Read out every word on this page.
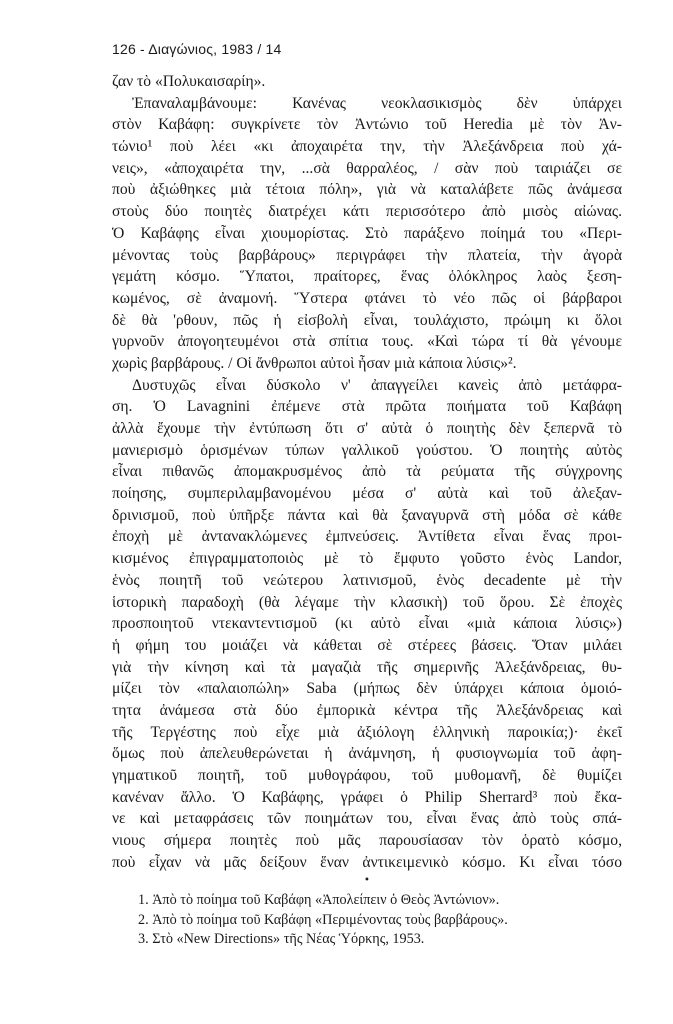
126 - Διαγώνιος, 1983 / 14
ζαν τὸ «Πολυκαισαρίη».
Ἐπαναλαμβάνουμε: Κανένας νεοκλασικισμὸς δὲν ὑπάρχει
στὸν Καβάφη: συγκρίνετε τὸν Ἀντώνιο τοῦ Heredia μὲ τὸν Ἀν-
τώνιο¹ ποὺ λέει «κι ἀποχαιρέτα την, τὴν Ἀλεξάνδρεια ποὺ χά-
νεις», «ἀποχαιρέτα την, ...σὰ θαρραλέος, / σὰν ποὺ ταιριάζει σε
ποὺ ἀξιώθηκες μιὰ τέτοια πόλη», γιὰ νὰ καταλάβετε πῶς ἀνάμεσα
στοὺς δύο ποιητὲς διατρέχει κάτι περισσότερο ἀπὸ μισὸς αἰώνας.
Ὁ Καβάφης εἶναι χιουμορίστας. Στὸ παράξενο ποίημά του «Περι-
μένοντας τοὺς βαρβάρους» περιγράφει τὴν πλατεία, τὴν ἀγορὰ
γεμάτη κόσμο. Ὕπατοι, πραίτορες, ἕνας ὁλόκληρος λαὸς ξεση-
κωμένος, σὲ ἀναμονή. Ὕστερα φτάνει τὸ νέο πῶς οἱ βάρβαροι
δὲ θὰ 'ρθουν, πῶς ἡ εἰσβολὴ εἶναι, τουλάχιστο, πρώιμη κι ὅλοι
γυρνοῦν ἀπογοητευμένοι στὰ σπίτια τους. «Καὶ τώρα τί θὰ γένουμε
χωρὶς βαρβάρους. / Οἱ ἄνθρωποι αὐτοὶ ἦσαν μιὰ κάποια λύσις»².
Δυστυχῶς εἶναι δύσκολο ν' ἀπαγγείλει κανεὶς ἀπὸ μετάφρα-
ση. Ὁ Lavagnini ἐπέμενε στὰ πρῶτα ποιήματα τοῦ Καβάφη
ἀλλὰ ἔχουμε τὴν ἐντύπωση ὅτι σ' αὐτὰ ὁ ποιητὴς δὲν ξεπερνᾶ τὸ
μανιερισμὸ ὁρισμένων τύπων γαλλικοῦ γούστου. Ὁ ποιητὴς αὐτὸς
εἶναι πιθανῶς ἀπομακρυσμένος ἀπὸ τὰ ρεύματα τῆς σύγχρονης
ποίησης, συμπεριλαμβανομένου μέσα σ' αὐτὰ καὶ τοῦ ἀλεξαν-
δρινισμοῦ, ποὺ ὑπῆρξε πάντα καὶ θὰ ξαναγυρνᾶ στὴ μόδα σὲ κάθε
ἐποχὴ μὲ ἀντανακλώμενες ἐμπνεύσεις. Ἀντίθετα εἶναι ἕνας προι-
κισμένος ἐπιγραμματοποιὸς μὲ τὸ ἔμφυτο γοῦστο ἑνὸς Landor,
ἑνὸς ποιητῆ τοῦ νεώτερου λατινισμοῦ, ἑνὸς decadente μὲ τὴν
ἱστορικὴ παραδοχὴ (θὰ λέγαμε τὴν κλασικὴ) τοῦ ὅρου. Σὲ ἐποχὲς
προσποιητοῦ ντεκαντεντισμοῦ (κι αὐτὸ εἶναι «μιὰ κάποια λύσις»)
ἡ φήμη του μοιάζει νὰ κάθεται σὲ στέρεες βάσεις. Ὅταν μιλάει
γιὰ τὴν κίνηση καὶ τὰ μαγαζιὰ τῆς σημερινῆς Ἀλεξάνδρειας, θυ-
μίζει τὸν «παλαιοπώλη» Saba (μήπως δὲν ὑπάρχει κάποια ὁμοιό-
τητα ἀνάμεσα στὰ δύο ἐμπορικὰ κέντρα τῆς Ἀλεξάνδρειας καὶ
τῆς Τεργέστης ποὺ εἶχε μιὰ ἀξιόλογη ἑλληνικὴ παροικία;)· ἐκεῖ
ὅμως ποὺ ἀπελευθερώνεται ἡ ἀνάμνηση, ἡ φυσιογνωμία τοῦ ἀφη-
γηματικοῦ ποιητῆ, τοῦ μυθογράφου, τοῦ μυθομανῆ, δὲ θυμίζει
κανέναν ἄλλο. Ὁ Καβάφης, γράφει ὁ Philip Sherrard³ ποὺ ἔκα-
νε καὶ μεταφράσεις τῶν ποιημάτων του, εἶναι ἕνας ἀπὸ τοὺς σπά-
νιους σήμερα ποιητὲς ποὺ μᾶς παρουσίασαν τὸν ὁρατὸ κόσμο,
ποὺ εἶχαν νὰ μᾶς δείξουν ἕναν ἀντικειμενικὸ κόσμο. Κι εἶναι τόσο
•
1. Ἀπὸ τὸ ποίημα τοῦ Καβάφη «Ἀπολείπειν ὁ Θεὸς Ἀντώνιον».
2. Ἀπὸ τὸ ποίημα τοῦ Καβάφη «Περιμένοντας τοὺς βαρβάρους».
3. Στὸ «New Directions» τῆς Νέας Ὑόρκης, 1953.
